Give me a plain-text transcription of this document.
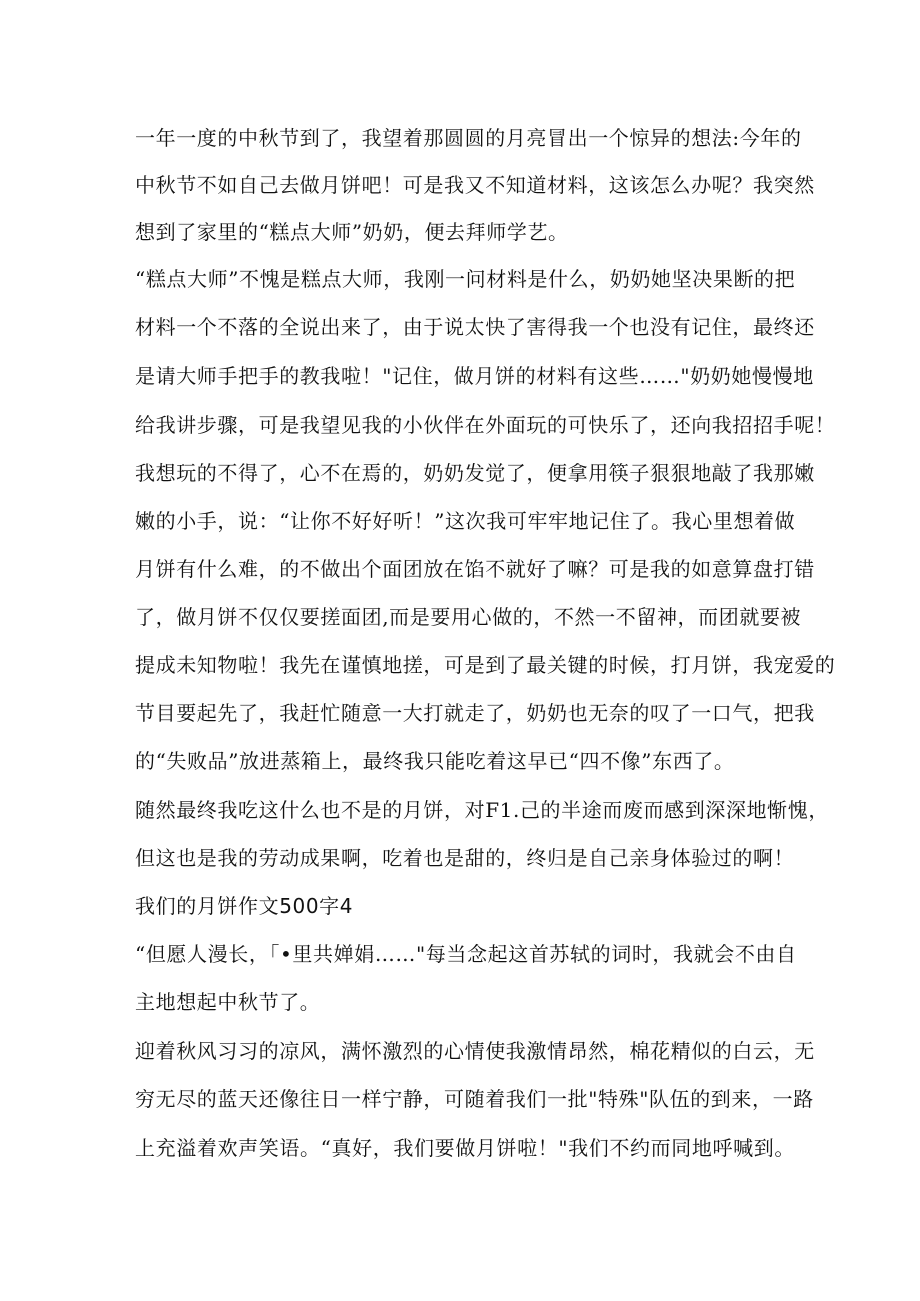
一年一度的中秋节到了，我望着那圆圆的月亮冒出一个惊异的想法:今年的

中秋节不如自己去做月饼吧！可是我又不知道材料，这该怎么办呢？我突然

想到了家里的“糕点大师”奶奶，便去拜师学艺。

“糕点大师”不愧是糕点大师，我刚一问材料是什么，奶奶她坚决果断的把

材料一个不落的全说出来了，由于说太快了害得我一个也没有记住，最终还

是请大师手把手的教我啦！"记住，做月饼的材料有这些……"奶奶她慢慢地

给我讲步骤，可是我望见我的小伙伴在外面玩的可快乐了，还向我招招手呢！

我想玩的不得了，心不在焉的，奶奶发觉了，便拿用筷子狠狠地敲了我那嫩

嫩的小手，说：“让你不好好听！”这次我可牢牢地记住了。我心里想着做

月饼有什么难，的不做出个面团放在馅不就好了嘛？可是我的如意算盘打错

了，做月饼不仅仅要搓面团,而是要用心做的，不然一不留神，而团就要被

提成未知物啦！我先在谨慎地搓，可是到了最关键的时候，打月饼，我宠爱的

节目要起先了，我赶忙随意一大打就走了，奶奶也无奈的叹了一口气，把我

的“失败品”放进蒸箱上，最终我只能吃着这早已“四不像”东西了。

随然最终我吃这什么也不是的月饼，对F1.己的半途而废而感到深深地惭愧，

但这也是我的劳动成果啊，吃着也是甜的，终归是自己亲身体验过的啊！

我们的月饼作文500字4

“但愿人漫长，「•里共婵娟……"每当念起这首苏轼的词时，我就会不由自

主地想起中秋节了。

迎着秋风习习的凉风，满怀激烈的心情使我激情昂然，棉花精似的白云，无

穷无尽的蓝天还像往日一样宁静，可随着我们一批"特殊"队伍的到来，一路

上充溢着欢声笑语。“真好，我们要做月饼啦！"我们不约而同地呼喊到。
